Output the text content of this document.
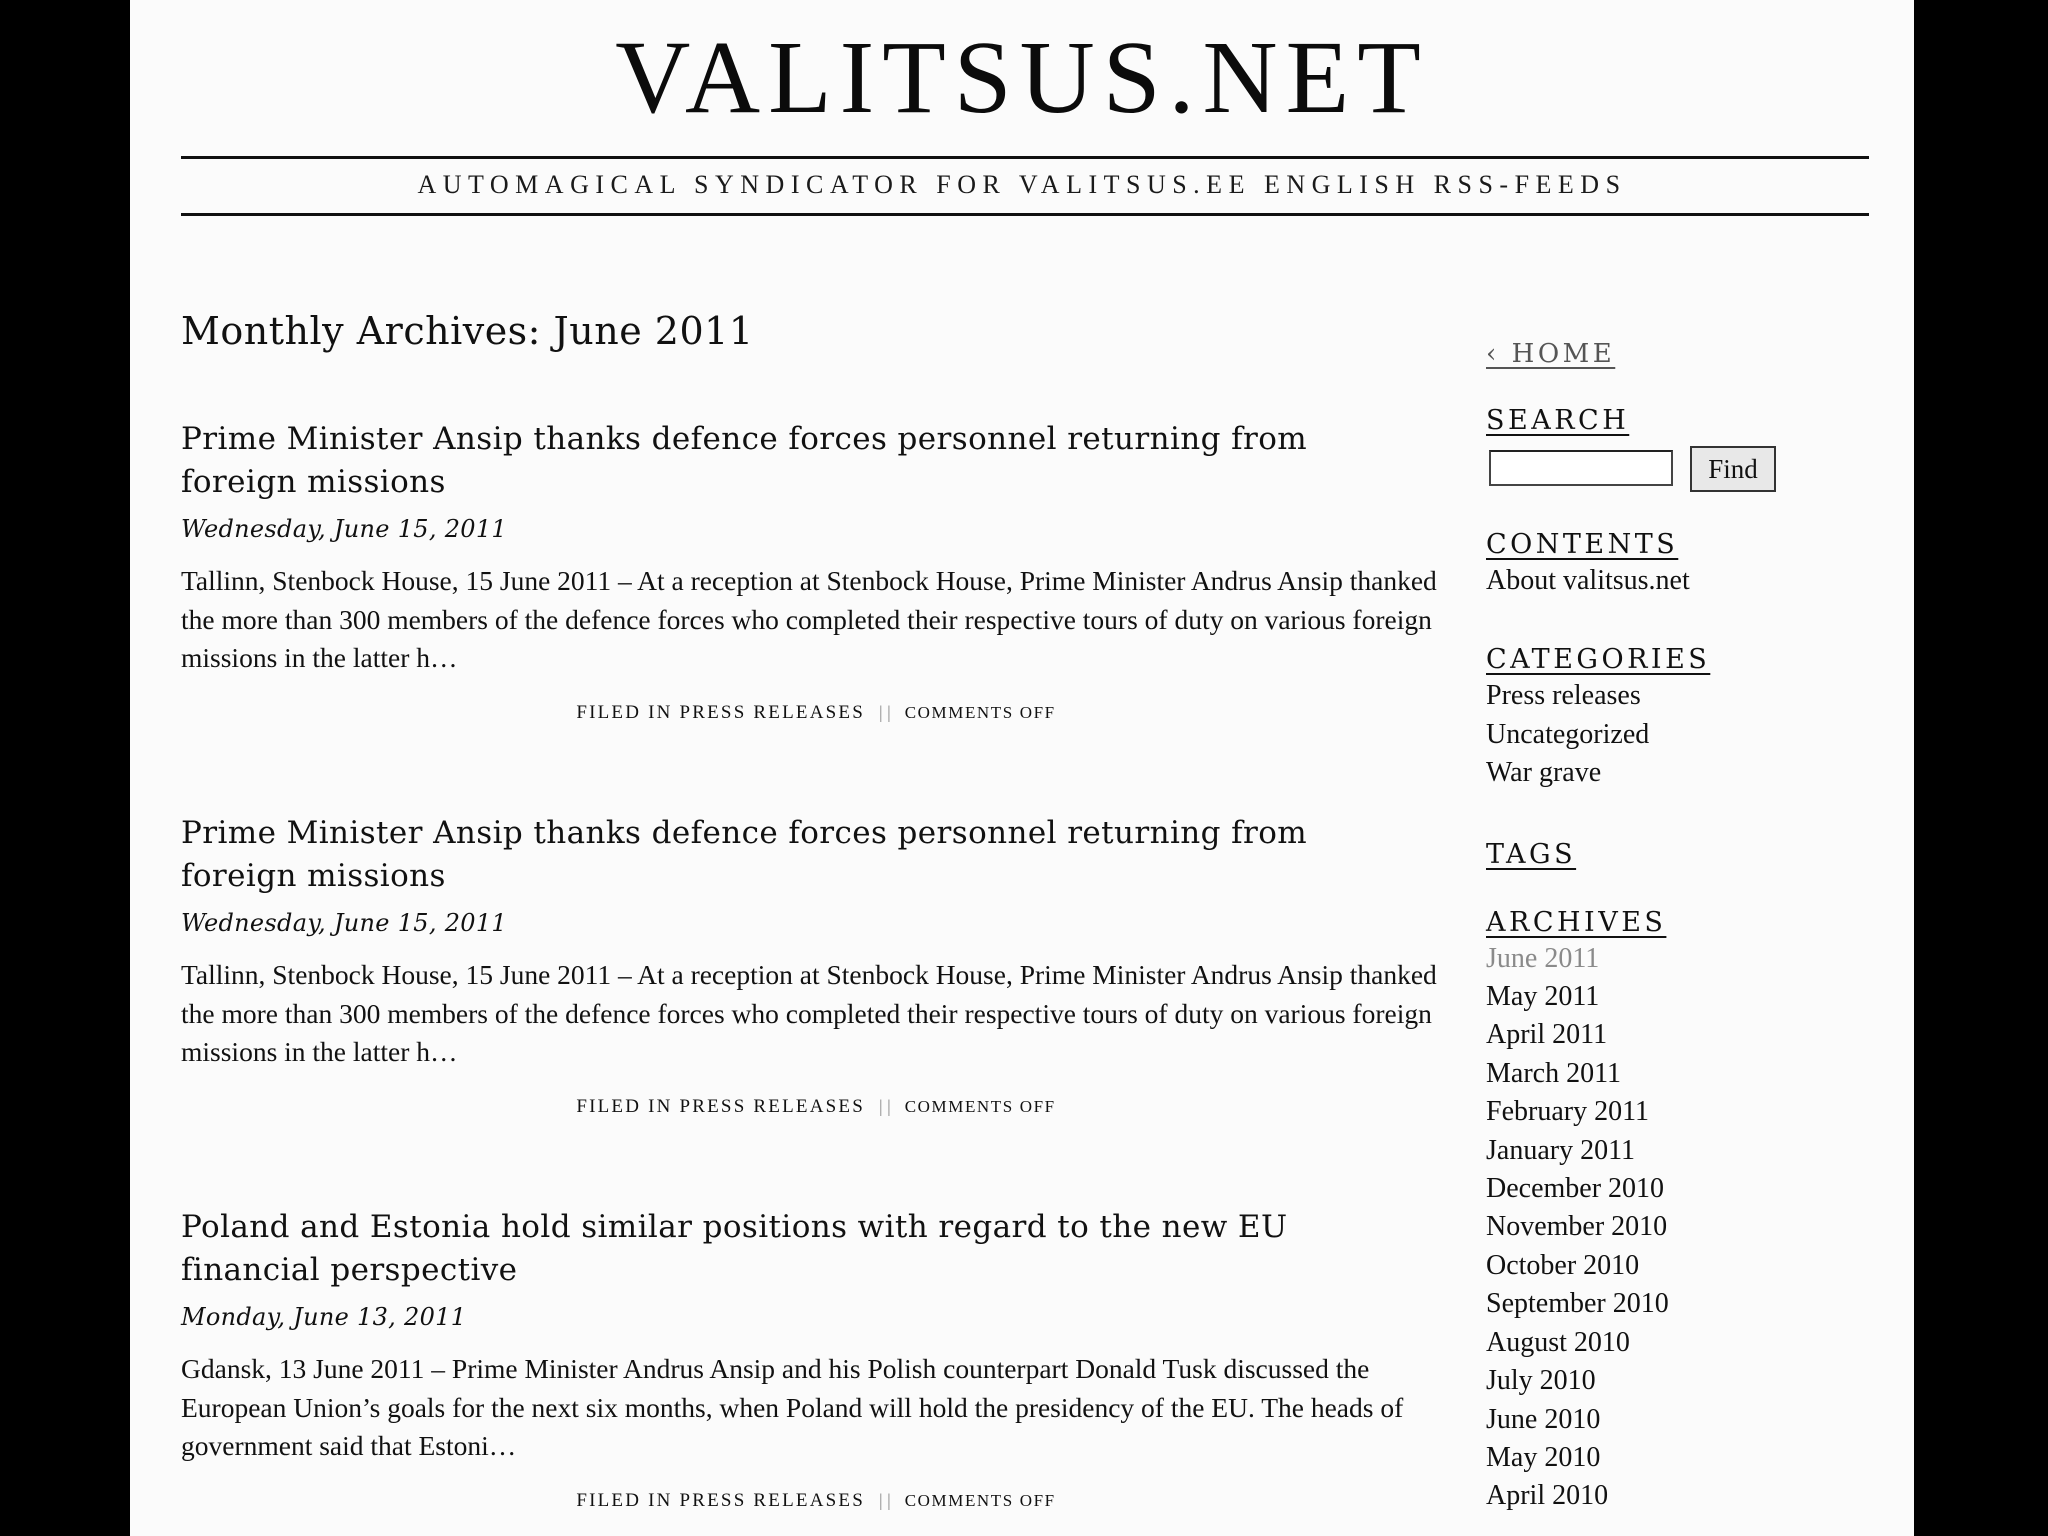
VALITSUS.NET
AUTOMAGICAL SYNDICATOR FOR VALITSUS.EE ENGLISH RSS-FEEDS
Monthly Archives: June 2011
Prime Minister Ansip thanks defence forces personnel returning from foreign missions
Wednesday, June 15, 2011
Tallinn, Stenbock House, 15 June 2011 – At a reception at Stenbock House, Prime Minister Andrus Ansip thanked the more than 300 members of the defence forces who completed their respective tours of duty on various foreign missions in the latter h…
FILED IN PRESS RELEASES | | COMMENTS OFF
Prime Minister Ansip thanks defence forces personnel returning from foreign missions
Wednesday, June 15, 2011
Tallinn, Stenbock House, 15 June 2011 – At a reception at Stenbock House, Prime Minister Andrus Ansip thanked the more than 300 members of the defence forces who completed their respective tours of duty on various foreign missions in the latter h…
FILED IN PRESS RELEASES | | COMMENTS OFF
Poland and Estonia hold similar positions with regard to the new EU financial perspective
Monday, June 13, 2011
Gdansk, 13 June 2011 – Prime Minister Andrus Ansip and his Polish counterpart Donald Tusk discussed the European Union’s goals for the next six months, when Poland will hold the presidency of the EU. The heads of government said that Estoni…
FILED IN PRESS RELEASES | | COMMENTS OFF
‹ HOME
SEARCH
Find
CONTENTS
About valitsus.net
CATEGORIES
Press releases
Uncategorized
War grave
TAGS
ARCHIVES
June 2011
May 2011
April 2011
March 2011
February 2011
January 2011
December 2010
November 2010
October 2010
September 2010
August 2010
July 2010
June 2010
May 2010
April 2010
